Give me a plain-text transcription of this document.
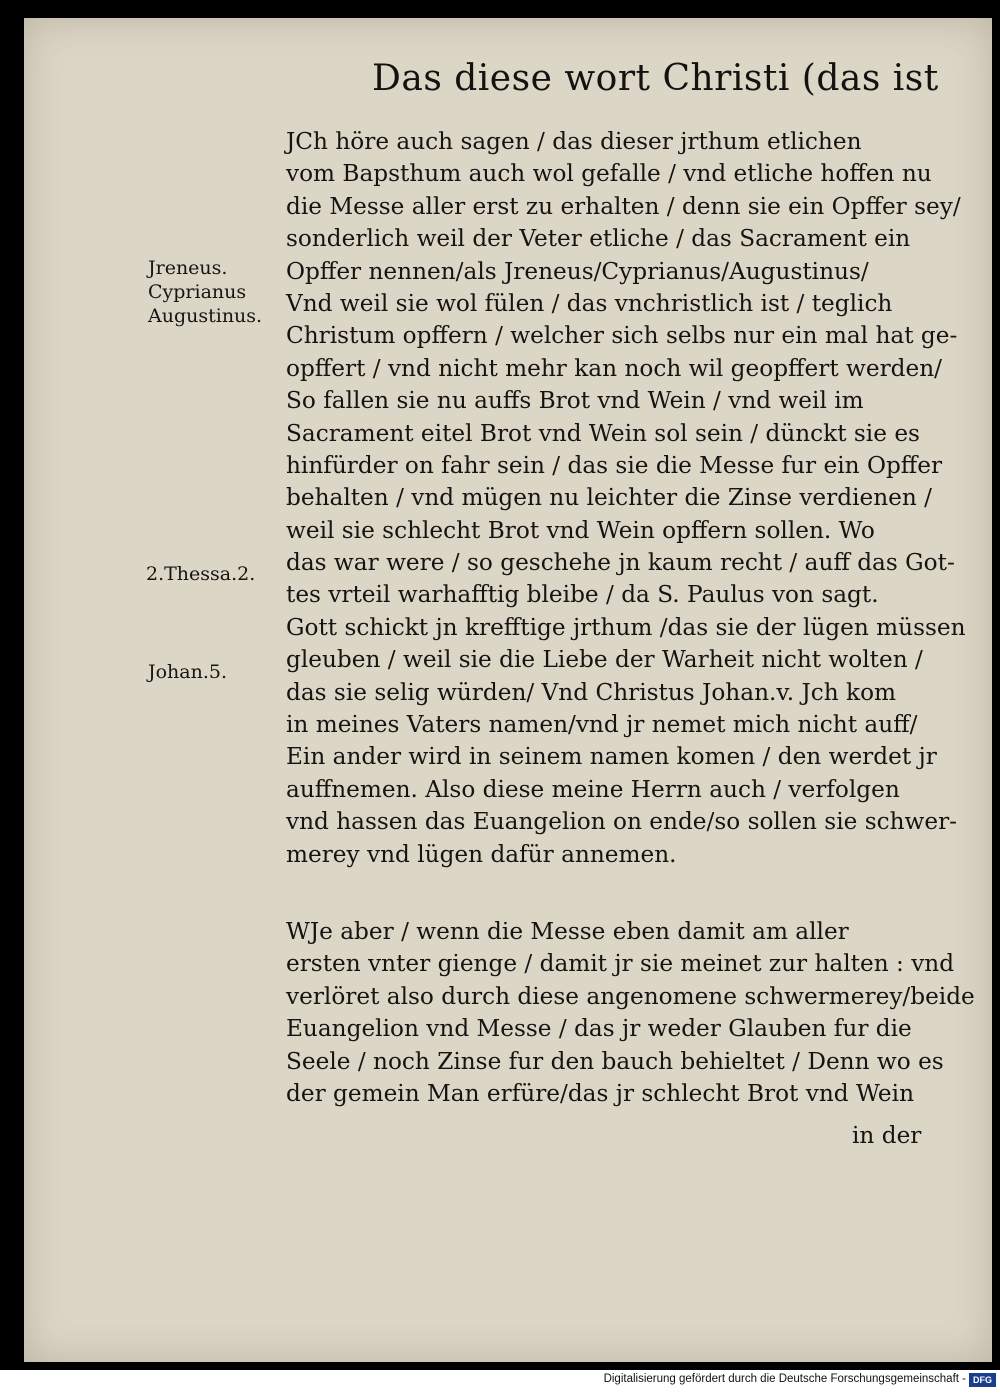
Das diese wort Christi (das ist
Jreneus.
Cyprianus
Augustinus.
2.Thessa.2.
Johan.5.
JCh höre auch sagen / das dieser jrthum etlichen
vom Bapsthum auch wol gefalle / vnd etliche hoffen nu
die Messe aller erst zu erhalten / denn sie ein Opffer sey/
sonderlich weil der Veter etliche / das Sacrament ein
Opffer nennen/als Jreneus/Cyprianus/Augustinus/
Vnd weil sie wol fülen / das vnchristlich ist / teglich
Christum opffern / welcher sich selbs nur ein mal hat ge-
opffert / vnd nicht mehr kan noch wil geopffert werden/
So fallen sie nu auffs Brot vnd Wein / vnd weil im
Sacrament eitel Brot vnd Wein sol sein / dünckt sie es
hinfürder on fahr sein / das sie die Messe fur ein Opffer
behalten / vnd mügen nu leichter die Zinse verdienen /
weil sie schlecht Brot vnd Wein opffern sollen. Wo
das war were / so geschehe jn kaum recht / auff das Got-
tes vrteil warhafftig bleibe / da S. Paulus von sagt.
Gott schickt jn krefftige jrthum /das sie der lügen müssen
gleuben / weil sie die Liebe der Warheit nicht wolten /
das sie selig würden/ Vnd Christus Johan.v. Jch kom
in meines Vaters namen/vnd jr nemet mich nicht auff/
Ein ander wird in seinem namen komen / den werdet jr
auffnemen. Also diese meine Herrn auch / verfolgen
vnd hassen das Euangelion on ende/so sollen sie schwer-
merey vnd lügen dafür annemen.
WJe aber / wenn die Messe eben damit am aller
ersten vnter gienge / damit jr sie meinet zur halten : vnd
verlöret also durch diese angenomene schwermerey/beide
Euangelion vnd Messe / das jr weder Glauben fur die
Seele / noch Zinse fur den bauch behieltet / Denn wo es
der gemein Man erfüre/das jr schlecht Brot vnd Wein
in der
Digitalisierung gefördert durch die Deutsche Forschungsgemeinschaft - DFG
